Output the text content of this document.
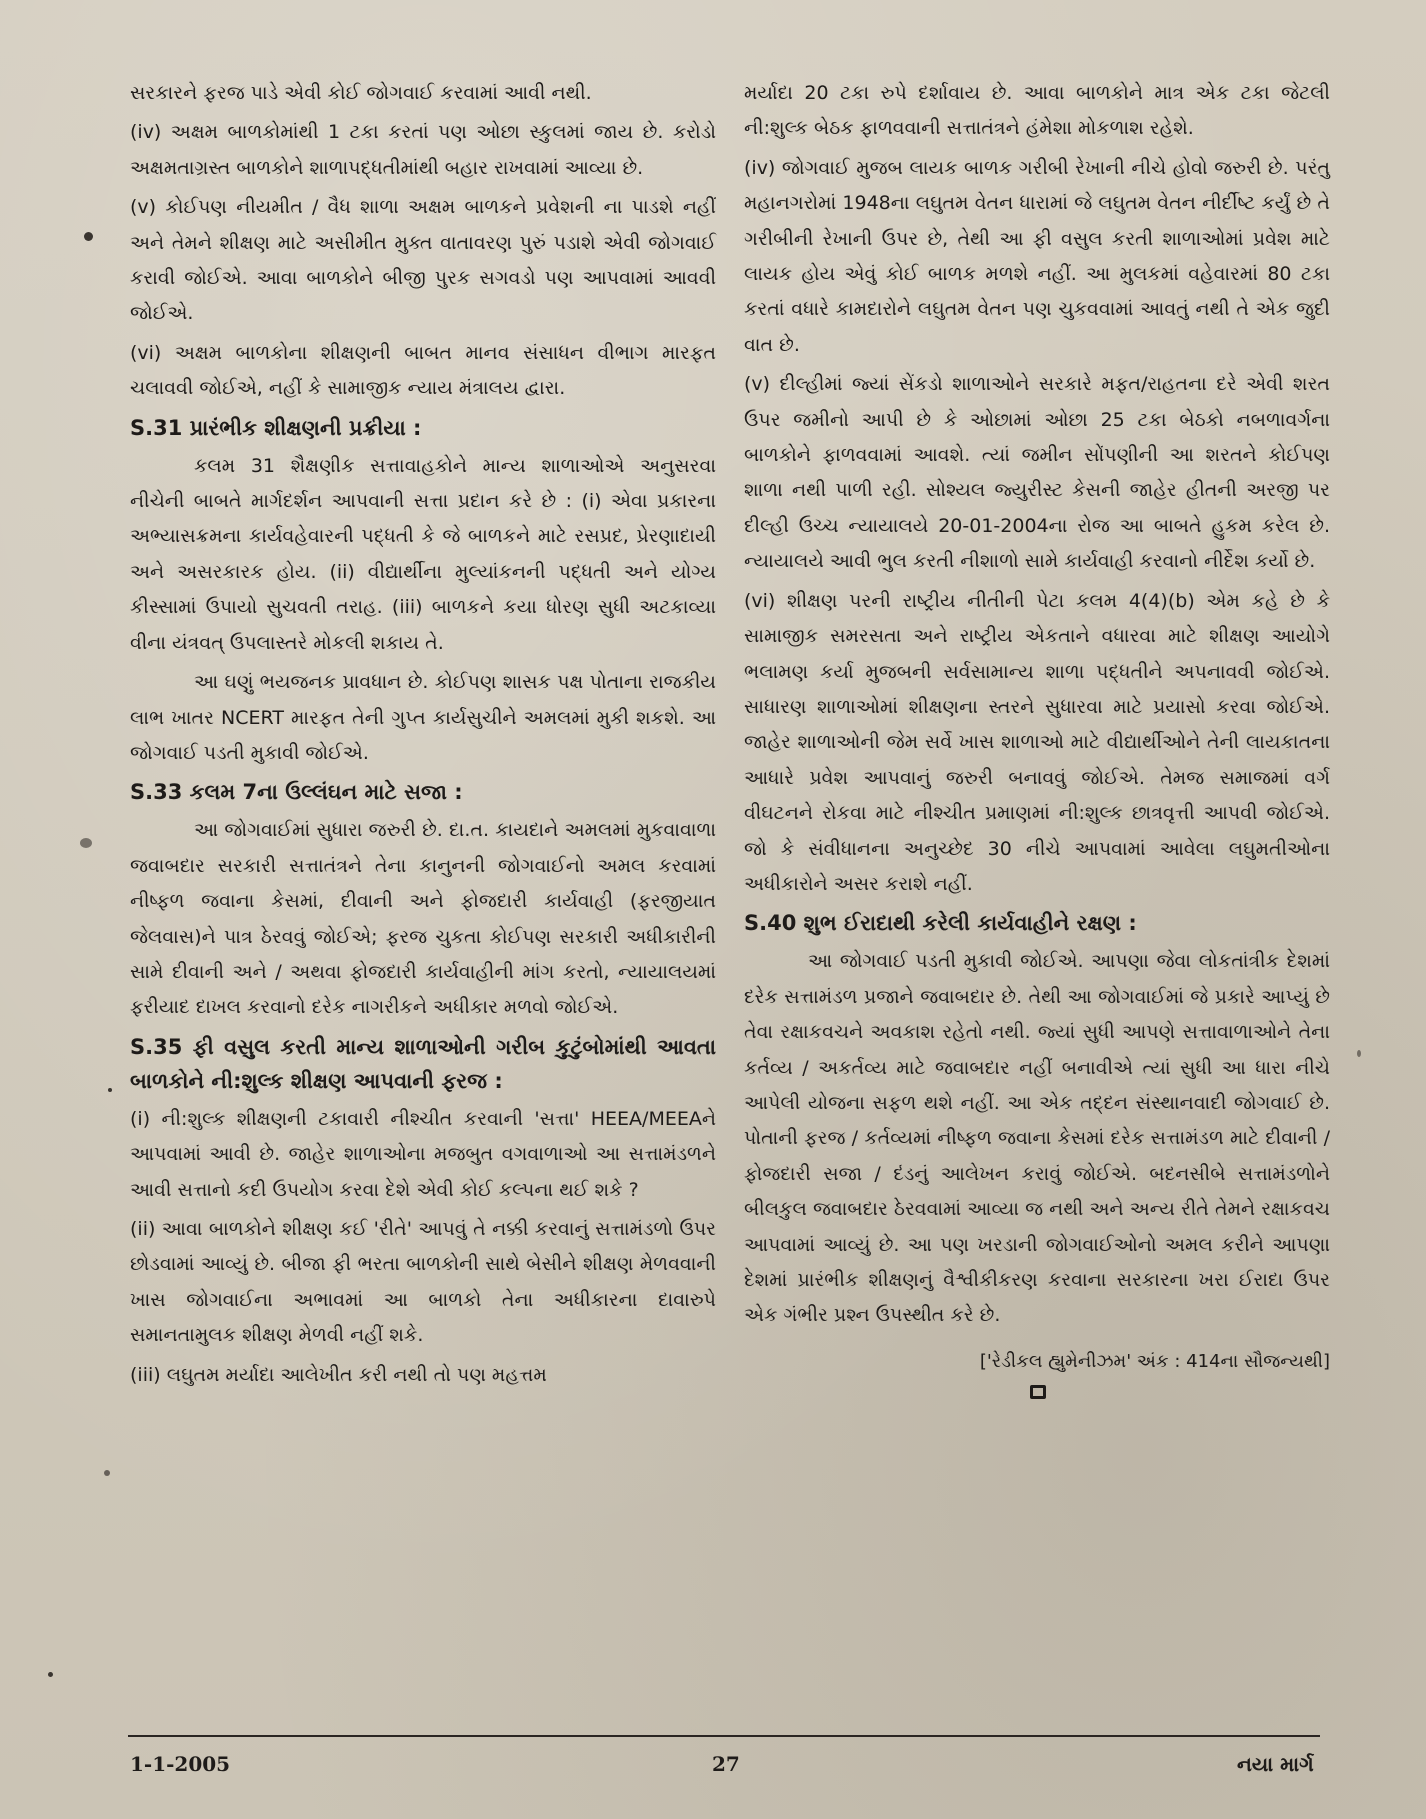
સરકારને ફરજ પાડે એવી કોઈ જોગવાઈ કરવામાં આવી નથી.

(iv) અક્ષમ બાળકોમાંથી 1 ટકા કરતાં પણ ઓછા સ્કુલમાં જાય છે. કરોડો અક્ષમતાગ્રસ્ત બાળકોને શાળાપદ્ધતીમાંથી બહાર રાખવામાં આવ્યા છે.

(v) કોઈપણ નીયમીત / વૈધ શાળા અક્ષમ બાળકને પ્રવેશની ના પાડશે નહીં અને તેમને શીક્ષણ માટે અસીમીત મુક્ત વાતાવરણ પુરું પડાશે એવી જોગવાઈ કરાવી જોઈએ. આવા બાળકોને બીજી પુરક સગવડો પણ આપવામાં આવવી જોઈએ.

(vi) અક્ષમ બાળકોના શીક્ષણની બાબત માનવ સંસાધન વીભાગ મારફત ચલાવવી જોઈએ, નહીં કે સામાજીક ન્યાય મંત્રાલય દ્વારા.

S.31 પ્રારંભીક શીક્ષણની પ્રક્રીયા :

કલમ 31 શૈક્ષણીક સત્તાવાહકોને માન્ય શાળાઓએ અનુસરવા નીચેની બાબતે માર્ગદર્શન આપવાની સત્તા પ્રદાન કરે છે : (i) એવા પ્રકારના અભ્યાસક્રમના કાર્યવહેવારની પદ્ધતી કે જે બાળકને માટે રસપ્રદ, પ્રેરણાદાયી અને અસરકારક હોય. (ii) વીદ્યાર્થીના મુલ્યાંકનની પદ્ધતી અને યોગ્ય કીસ્સામાં ઉપાયો સુચવતી તરાહ. (iii) બાળકને કયા ધોરણ સુધી અટકાવ્યા વીના યંત્રવત્ ઉપલાસ્તરે મોકલી શકાય તે.

આ ઘણું ભયજનક પ્રાવધાન છે. કોઈપણ શાસક પક્ષ પોતાના રાજકીય લાભ ખાતર NCERT મારફત તેની ગુપ્ત કાર્યસુચીને અમલમાં મુકી શકશે. આ જોગવાઈ પડતી મુકાવી જોઈએ.

S.33 કલમ 7ના ઉલ્લંઘન માટે સજા :

આ જોગવાઈમાં સુધારા જરુરી છે. દા.ત. કાયદાને અમલમાં મુકવાવાળા જવાબદાર સરકારી સત્તાતંત્રને તેના કાનુનની જોગવાઈનો અમલ કરવામાં નીષ્ફળ જવાના કેસમાં, દીવાની અને ફોજદારી કાર્યવાહી (ફરજીયાત જેલવાસ)ને પાત્ર ઠેરવવું જોઈએ; ફરજ ચુકતા કોઈપણ સરકારી અધીકારીની સામે દીવાની અને / અથવા ફોજદારી કાર્યવાહીની માંગ કરતો, ન્યાયાલયમાં ફરીયાદ દાખલ કરવાનો દરેક નાગરીકને અધીકાર મળવો જોઈએ.

S.35 ફી વસુલ કરતી માન્ય શાળાઓની ગરીબ કુટુંબોમાંથી આવતા બાળકોને ની:શુલ્ક શીક્ષણ આપવાની ફરજ :

(i) ની:શુલ્ક શીક્ષણની ટકાવારી નીશ્ચીત કરવાની 'સત્તા' HEEA/MEEAને આપવામાં આવી છે. જાહેર શાળાઓના મજબુત વગવાળાઓ આ સત્તામંડળને આવી સત્તાનો કદી ઉપયોગ કરવા દેશે એવી કોઈ કલ્પના થઈ શકે ?

(ii) આવા બાળકોને શીક્ષણ કઈ 'રીતે' આપવું તે નક્કી કરવાનું સત્તામંડળો ઉપર છોડવામાં આવ્યું છે. બીજા ફી ભરતા બાળકોની સાથે બેસીને શીક્ષણ મેળવવાની ખાસ જોગવાઈના અભાવમાં આ બાળકો તેના અધીકારના દાવારુપે સમાનતામુલક શીક્ષણ મેળવી નહીં શકે.

(iii) લઘુતમ મર્યાદા આલેખીત કરી નથી તો પણ મહત્તમ

મર્યાદા 20 ટકા રુપે દર્શાવાય છે. આવા બાળકોને માત્ર એક ટકા જેટલી ની:શુલ્ક બેઠક ફાળવવાની સત્તાતંત્રને હંમેશા મોકળાશ રહેશે.

(iv) જોગવાઈ મુજબ લાયક બાળક ગરીબી રેખાની નીચે હોવો જરુરી છે. પરંતુ મહાનગરોમાં 1948ના લઘુતમ વેતન ધારામાં જે લઘુતમ વેતન નીર્દીષ્ટ કર્યું છે તે ગરીબીની રેખાની ઉપર છે, તેથી આ ફી વસુલ કરતી શાળાઓમાં પ્રવેશ માટે લાયક હોય એવું કોઈ બાળક મળશે નહીં. આ મુલકમાં વહેવારમાં 80 ટકા કરતાં વધારે કામદારોને લઘુતમ વેતન પણ ચુકવવામાં આવતું નથી તે એક જુદી વાત છે.

(v) દીલ્હીમાં જ્યાં સેંકડો શાળાઓને સરકારે મફત/રાહતના દરે એવી શરત ઉપર જમીનો આપી છે કે ઓછામાં ઓછા 25 ટકા બેઠકો નબળાવર્ગના બાળકોને ફાળવવામાં આવશે. ત્યાં જમીન સોંપણીની આ શરતને કોઈપણ શાળા નથી પાળી રહી. સોશ્યલ જ્યુરીસ્ટ કેસની જાહેર હીતની અરજી પર દીલ્હી ઉચ્ચ ન્યાયાલયે 20-01-2004ના રોજ આ બાબતે હુકમ કરેલ છે. ન્યાયાલયે આવી ભુલ કરતી નીશાળો સામે કાર્યવાહી કરવાનો નીર્દેશ કર્યો છે.

(vi) શીક્ષણ પરની રાષ્ટ્રીય નીતીની પેટા કલમ 4(4)(b) એમ કહે છે કે સામાજીક સમરસતા અને રાષ્ટ્રીય એકતાને વધારવા માટે શીક્ષણ આયોગે ભલામણ કર્યા મુજબની સર્વસામાન્ય શાળા પદ્ધતીને અપનાવવી જોઈએ. સાધારણ શાળાઓમાં શીક્ષણના સ્તરને સુધારવા માટે પ્રયાસો કરવા જોઈએ. જાહેર શાળાઓની જેમ સર્વે ખાસ શાળાઓ માટે વીદ્યાર્થીઓને તેની લાયકાતના આધારે પ્રવેશ આપવાનું જરુરી બનાવવું જોઈએ. તેમજ સમાજમાં વર્ગ વીઘટનને રોકવા માટે નીશ્ચીત પ્રમાણમાં ની:શુલ્ક છાત્રવૃત્તી આપવી જોઈએ. જો કે સંવીધાનના અનુચ્છેદ 30 નીચે આપવામાં આવેલા લઘુમતીઓના અધીકારોને અસર કરાશે નહીં.

S.40 શુભ ઈરાદાથી કરેલી કાર્યવાહીને રક્ષણ :

આ જોગવાઈ પડતી મુકાવી જોઈએ. આપણા જેવા લોકતાંત્રીક દેશમાં દરેક સત્તામંડળ પ્રજાને જવાબદાર છે. તેથી આ જોગવાઈમાં જે પ્રકારે આપ્યું છે તેવા રક્ષાકવચને અવકાશ રહેતો નથી. જ્યાં સુધી આપણે સત્તાવાળાઓને તેના કર્તવ્ય / અકર્તવ્ય માટે જવાબદાર નહીં બનાવીએ ત્યાં સુધી આ ધારા નીચે આપેલી યોજના સફળ થશે નહીં. આ એક તદ્દન સંસ્થાનવાદી જોગવાઈ છે. પોતાની ફરજ / કર્તવ્યમાં નીષ્ફળ જવાના કેસમાં દરેક સત્તામંડળ માટે દીવાની / ફોજદારી સજા / દંડનું આલેખન કરાવું જોઈએ. બદનસીબે સત્તામંડળોને બીલકુલ જવાબદાર ઠેરવવામાં આવ્યા જ નથી અને અન્ય રીતે તેમને રક્ષાકવચ આપવામાં આવ્યું છે. આ પણ ખરડાની જોગવાઈઓનો અમલ કરીને આપણા દેશમાં પ્રારંભીક શીક્ષણનું વૈશ્વીકીકરણ કરવાના સરકારના ખરા ઈરાદા ઉપર એક ગંભીર પ્રશ્ન ઉપસ્થીત કરે છે.

['રેડીકલ હ્યુમેનીઝમ' અંક : 414ના સૌજન્યથી]
1-1-2005	27	નયા માર્ગ
